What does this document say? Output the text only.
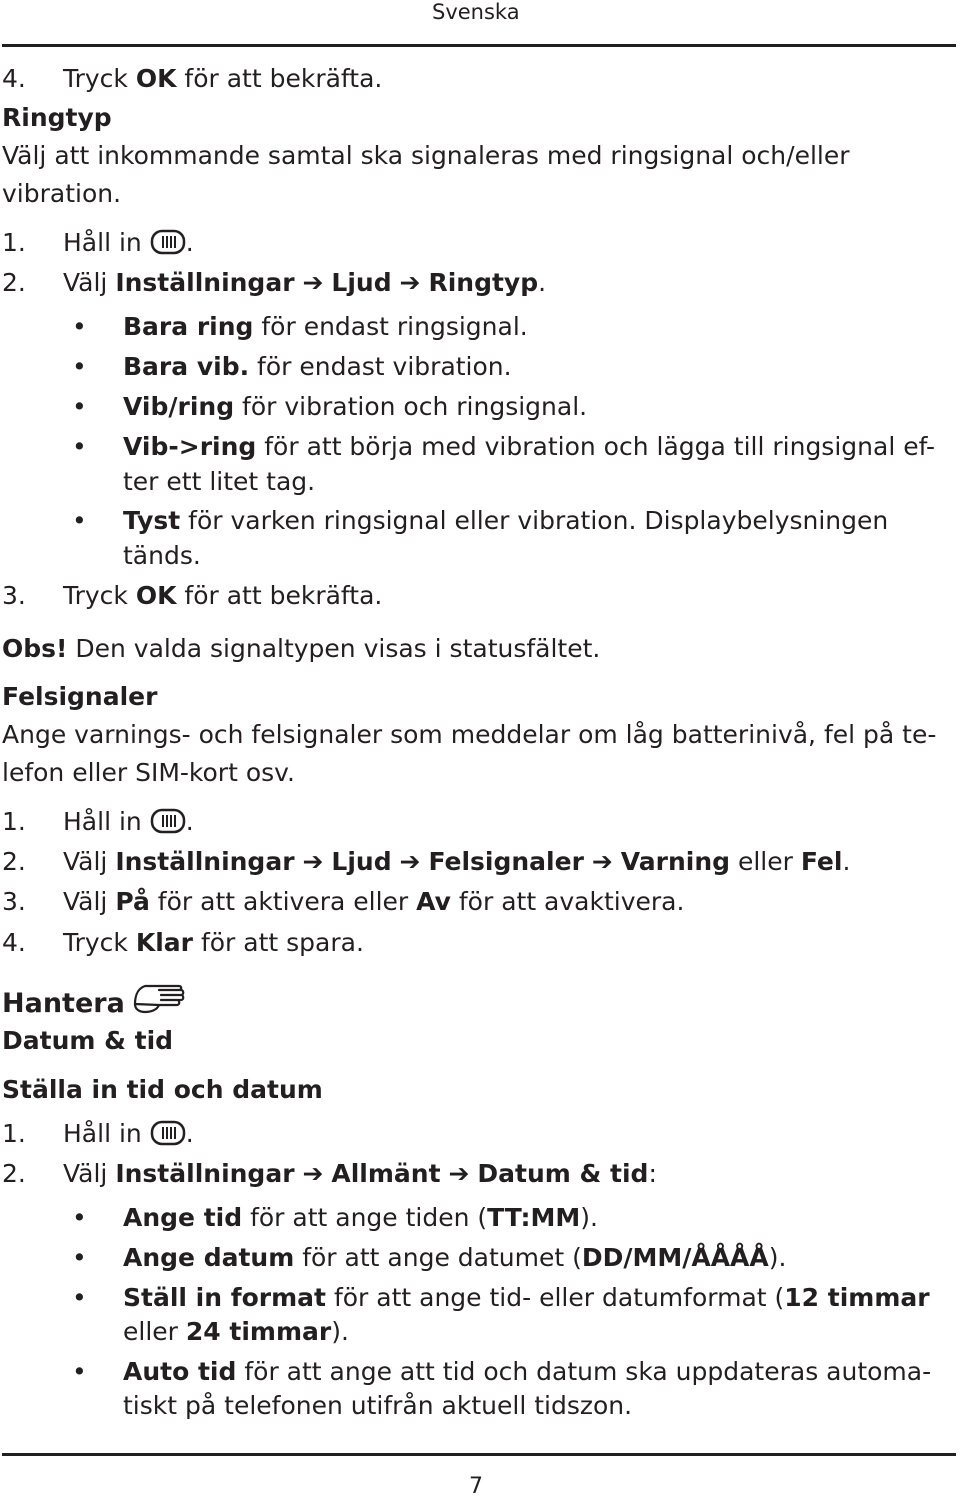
Svenska
4. Tryck OK för att bekräfta.
Ringtyp
Välj att inkommande samtal ska signaleras med ringsignal och/eller
vibration.
1. Håll in .
2. Välj Inställningar ➔ Ljud ➔ Ringtyp.
• Bara ring för endast ringsignal.
• Bara vib. för endast vibration.
• Vib/ring för vibration och ringsignal.
• Vib->ring för att börja med vibration och lägga till ringsignal ef-
ter ett litet tag.
• Tyst för varken ringsignal eller vibration. Displaybelysningen
tänds.
3. Tryck OK för att bekräfta.
Obs! Den valda signaltypen visas i statusfältet.
Felsignaler
Ange varnings- och felsignaler som meddelar om låg batterinivå, fel på te-
lefon eller SIM-kort osv.
1. Håll in .
2. Välj Inställningar ➔ Ljud ➔ Felsignaler ➔ Varning eller Fel.
3. Välj På för att aktivera eller Av för att avaktivera.
4. Tryck Klar för att spara.
Hantera
Datum & tid
Ställa in tid och datum
1. Håll in .
2. Välj Inställningar ➔ Allmänt ➔ Datum & tid:
• Ange tid för att ange tiden (TT:MM).
• Ange datum för att ange datumet (DD/MM/ÅÅÅÅ).
• Ställ in format för att ange tid- eller datumformat (12 timmar
eller 24 timmar).
• Auto tid för att ange att tid och datum ska uppdateras automa-
tiskt på telefonen utifrån aktuell tidszon.
7
